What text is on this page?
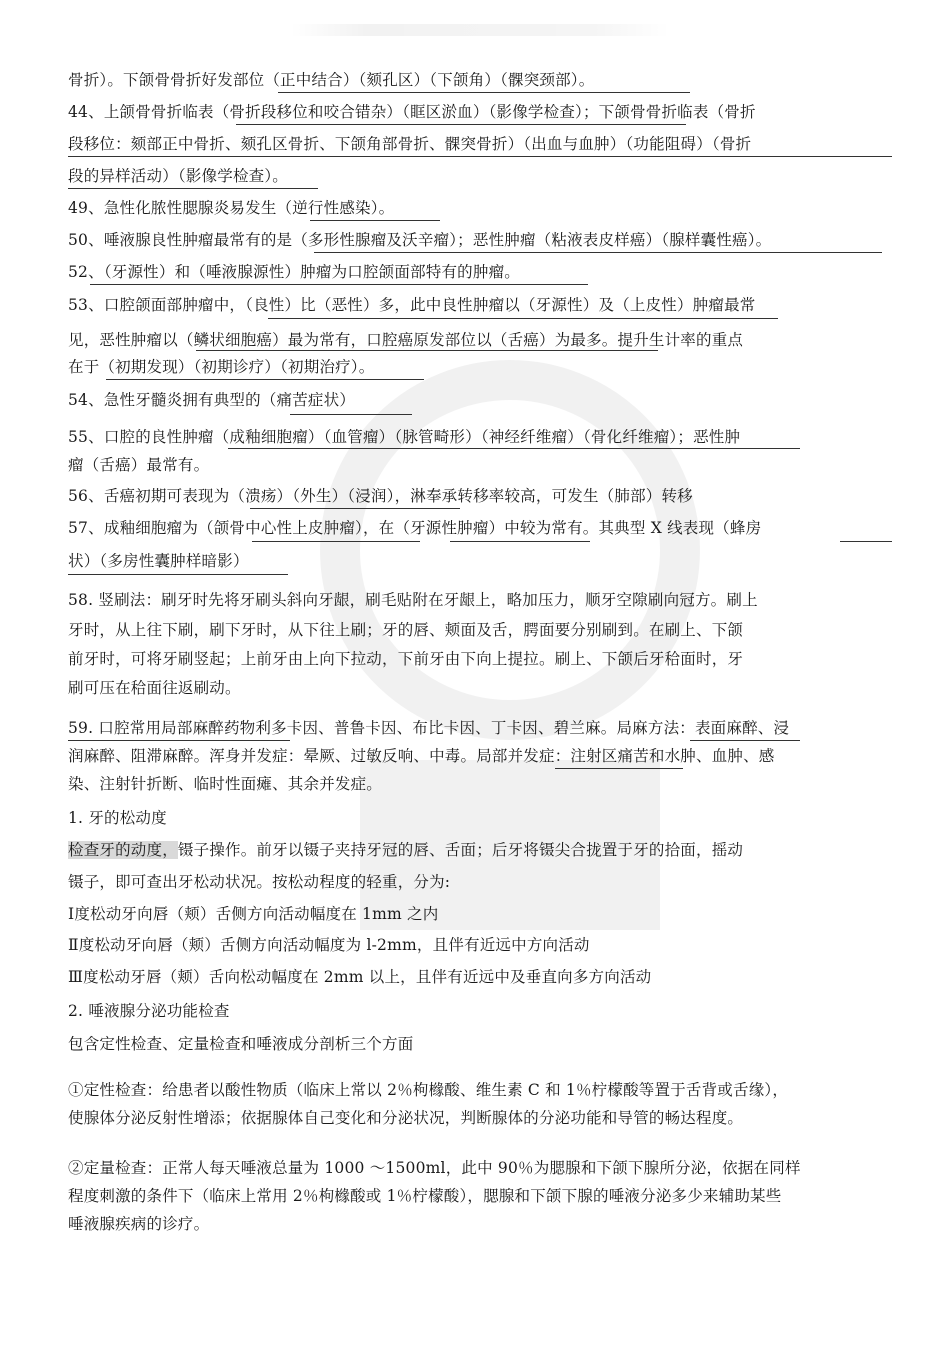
骨折）。下颌骨骨折好发部位（正中结合）（颏孔区）（下颌角）（髁突颈部）。
44、上颌骨骨折临表（骨折段移位和咬合错杂）（眶区淤血）（影像学检查）；下颌骨骨折临表（骨折
段移位：颏部正中骨折、颏孔区骨折、下颌角部骨折、髁突骨折）（出血与血肿）（功能阻碍）（骨折
段的异样活动）（影像学检查）。
49、急性化脓性腮腺炎易发生（逆行性感染）。
50、唾液腺良性肿瘤最常有的是（多形性腺瘤及沃辛瘤）；恶性肿瘤（粘液表皮样癌）（腺样囊性癌）。
52、（牙源性）和（唾液腺源性）肿瘤为口腔颌面部特有的肿瘤。
53、口腔颌面部肿瘤中，（良性）比（恶性）多，此中良性肿瘤以（牙源性）及（上皮性）肿瘤最常
见，恶性肿瘤以（鳞状细胞癌）最为常有，口腔癌原发部位以（舌癌）为最多。提升生计率的重点
在于（初期发现）（初期诊疗）（初期治疗）。
54、急性牙髓炎拥有典型的（痛苦症状）
55、口腔的良性肿瘤（成釉细胞瘤）（血管瘤）（脉管畸形）（神经纤维瘤）（骨化纤维瘤）；恶性肿
瘤（舌癌）最常有。
56、舌癌初期可表现为（溃疡）（外生）（浸润），淋奉承转移率较高，可发生（肺部）转移
57、成釉细胞瘤为（颌骨中心性上皮肿瘤），在（牙源性肿瘤）中较为常有。其典型 X 线表现（蜂房
状）（多房性囊肿样暗影）
58. 竖刷法：刷牙时先将牙刷头斜向牙龈，刷毛贴附在牙龈上，略加压力，顺牙空隙刷向冠方。刷上
牙时，从上往下刷，刷下牙时，从下往上刷；牙的唇、颊面及舌，腭面要分别刷到。在刷上、下颌
前牙时，可将牙刷竖起；上前牙由上向下拉动，下前牙由下向上提拉。刷上、下颌后牙秴面时，牙
刷可压在秴面往返刷动。
59. 口腔常用局部麻醉药物利多卡因、普鲁卡因、布比卡因、丁卡因、碧兰麻。局麻方法：表面麻醉、浸
润麻醉、阻滞麻醉。浑身并发症：晕厥、过敏反响、中毒。局部并发症：注射区痛苦和水肿、血肿、感
染、注射针折断、临时性面瘫、其余并发症。
1. 牙的松动度
检查牙的动度，镊子操作。前牙以镊子夹持牙冠的唇、舌面；后牙将镊尖合拢置于牙的拾面，摇动
镊子，即可查出牙松动状况。按松动程度的轻重，分为:
Ⅰ度松动牙向唇（颊）舌侧方向活动幅度在 1mm 之内
Ⅱ度松动牙向唇（颊）舌侧方向活动幅度为 l-2mm，且伴有近远中方向活动
Ⅲ度松动牙唇（颊）舌向松动幅度在 2mm 以上，且伴有近远中及垂直向多方向活动
2. 唾液腺分泌功能检查
包含定性检查、定量检查和唾液成分剖析三个方面
①定性检查：给患者以酸性物质（临床上常以 2％枸橼酸、维生素 C 和 1％柠檬酸等置于舌背或舌缘），
使腺体分泌反射性增添；依据腺体自己变化和分泌状况，判断腺体的分泌功能和导管的畅达程度。
②定量检查：正常人每天唾液总量为 1000 ～1500ml，此中 90％为腮腺和下颌下腺所分泌，依据在同样
程度刺激的条件下（临床上常用 2％枸橼酸或 1％柠檬酸），腮腺和下颌下腺的唾液分泌多少来辅助某些
唾液腺疾病的诊疗。
